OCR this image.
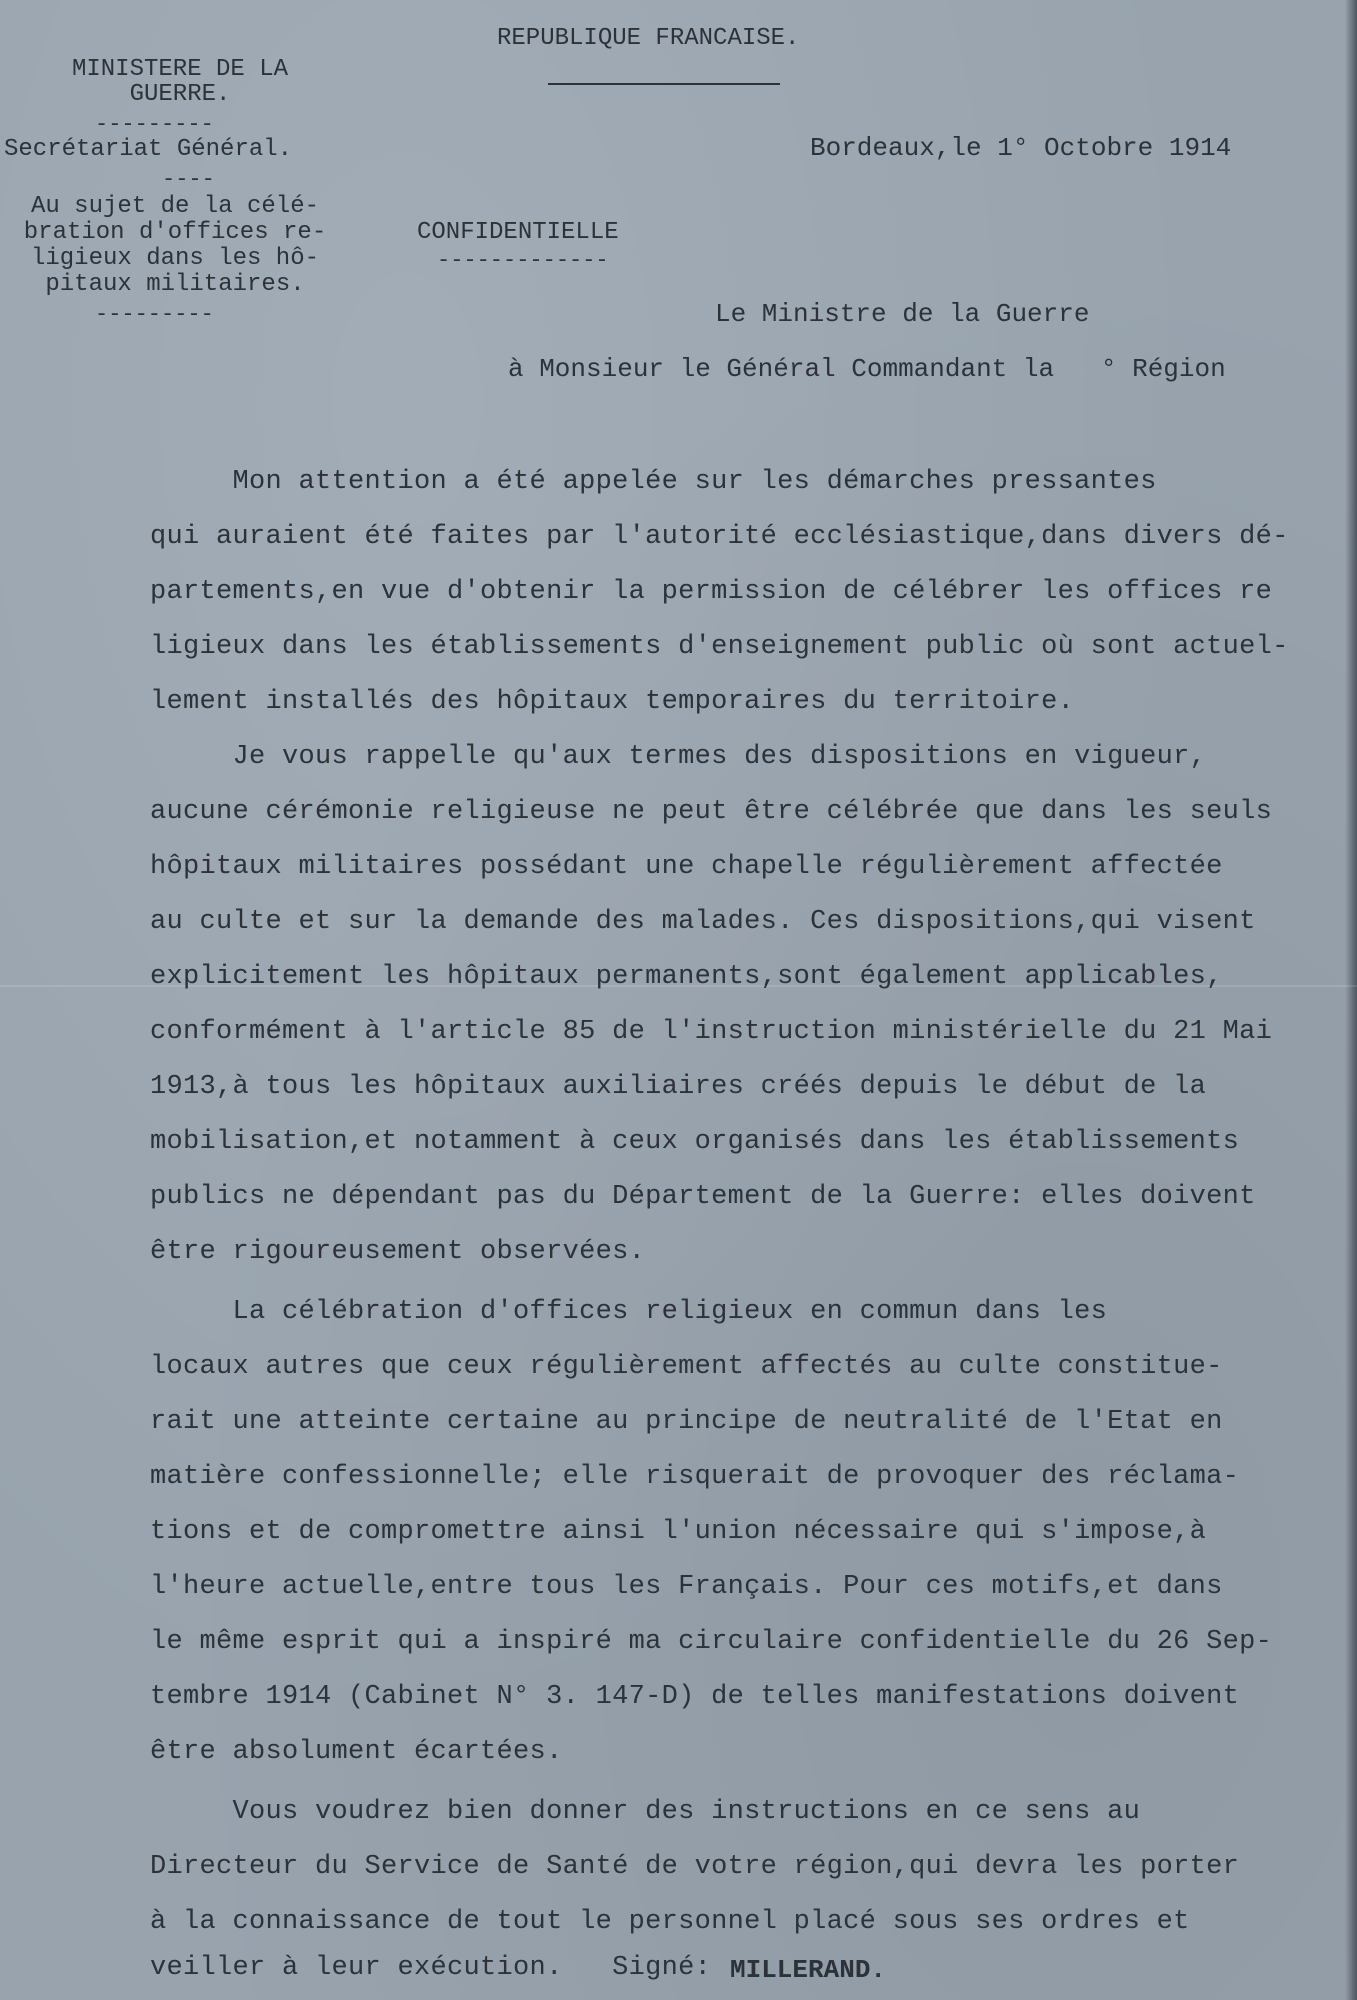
REPUBLIQUE FRANCAISE.
MINISTERE DE LA
GUERRE.
---------
Secrétariat Général.
----
Au sujet de la célé-
bration d'offices re-
ligieux dans les hô-
pitaux militaires.
---------
Bordeaux,le 1° Octobre 1914
CONFIDENTIELLE
-------------
Le Ministre de la Guerre
à Monsieur le Général Commandant la   ° Région
Mon attention a été appelée sur les démarches pressantes
qui auraient été faites par l'autorité ecclésiastique,dans divers dé-
partements,en vue d'obtenir la permission de célébrer les offices re
ligieux dans les établissements d'enseignement public où sont actuel-
lement installés des hôpitaux temporaires du territoire.
Je vous rappelle qu'aux termes des dispositions en vigueur,
aucune cérémonie religieuse ne peut être célébrée que dans les seuls
hôpitaux militaires possédant une chapelle régulièrement affectée
au culte et sur la demande des malades. Ces dispositions,qui visent
explicitement les hôpitaux permanents,sont également applicables,
conformément à l'article 85 de l'instruction ministérielle du 21 Mai
1913,à tous les hôpitaux auxiliaires créés depuis le début de la
mobilisation,et notamment à ceux organisés dans les établissements
publics ne dépendant pas du Département de la Guerre: elles doivent
être rigoureusement observées.
La célébration d'offices religieux en commun dans les
locaux autres que ceux régulièrement affectés au culte constitue-
rait une atteinte certaine au principe de neutralité de l'Etat en
matière confessionnelle; elle risquerait de provoquer des réclama-
tions et de compromettre ainsi l'union nécessaire qui s'impose,à
l'heure actuelle,entre tous les Français. Pour ces motifs,et dans
le même esprit qui a inspiré ma circulaire confidentielle du 26 Sep-
tembre 1914 (Cabinet N° 3. 147-D) de telles manifestations doivent
être absolument écartées.
Vous voudrez bien donner des instructions en ce sens au
Directeur du Service de Santé de votre région,qui devra les porter
à la connaissance de tout le personnel placé sous ses ordres et
veiller à leur exécution.   Signé: MILLERAND.
